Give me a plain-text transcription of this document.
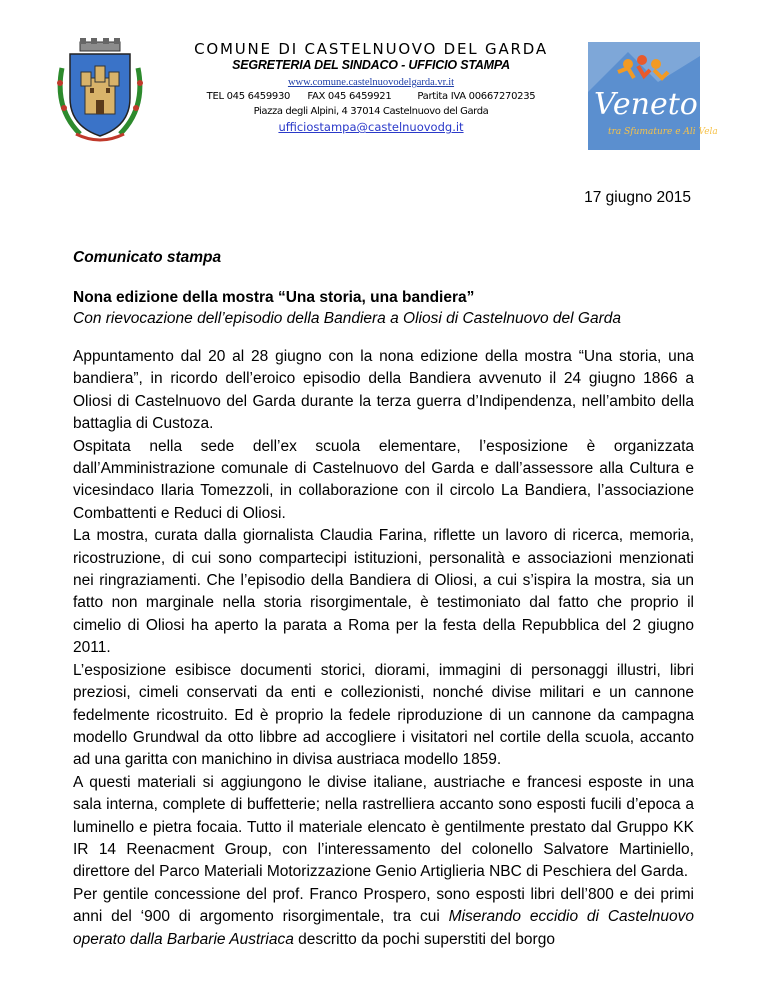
COMUNE DI CASTELNUOVO DEL GARDA
SEGRETERIA DEL SINDACO - UFFICIO STAMPA
www.comune.castelnuovodelgarda.vr.it
TEL 045 6459930 FAX 045 6459921	Partita IVA 00667270235
Piazza degli Alpini, 4 37014 Castelnuovo del Garda
ufficiostampa@castelnuovodg.it
Veneto
tra Sfumature e Ali Vela
17 giugno 2015
Comunicato stampa
Nona edizione della mostra “Una storia, una bandiera”
Con rievocazione dell’episodio della Bandiera a Oliosi di Castelnuovo del Garda

Appuntamento dal 20 al 28 giugno con la nona edizione della mostra “Una storia, una bandiera”, in ricordo dell’eroico episodio della Bandiera avvenuto il 24 giugno 1866 a Oliosi di Castelnuovo del Garda durante la terza guerra d’Indipendenza, nell’ambito della battaglia di Custoza.

Ospitata nella sede dell’ex scuola elementare, l’esposizione è organizzata dall’Amministrazione comunale di Castelnuovo del Garda e dall’assessore alla Cultura e vicesindaco Ilaria Tomezzoli, in collaborazione con il circolo La Bandiera, l’associazione Combattenti e Reduci di Oliosi.

La mostra, curata dalla giornalista Claudia Farina, riflette un lavoro di ricerca, memoria, ricostruzione, di cui sono compartecipi istituzioni, personalità e associazioni menzionati nei ringraziamenti. Che l’episodio della Bandiera di Oliosi, a cui s’ispira la mostra, sia un fatto non marginale nella storia risorgimentale, è testimoniato dal fatto che proprio il cimelio di Oliosi ha aperto la parata a Roma per la festa della Repubblica del 2 giugno 2011.

L’esposizione esibisce documenti storici, diorami, immagini di personaggi illustri, libri preziosi, cimeli conservati da enti e collezionisti, nonché divise militari e un cannone fedelmente ricostruito. Ed è proprio la fedele riproduzione di un cannone da campagna modello Grundwal da otto libbre ad accogliere i visitatori nel cortile della scuola, accanto ad una garitta con manichino in divisa austriaca modello 1859.

A questi materiali si aggiungono le divise italiane, austriache e francesi esposte in una sala interna, complete di buffetterie; nella rastrelliera accanto sono esposti fucili d’epoca a luminello e pietra focaia. Tutto il materiale elencato è gentilmente prestato dal Gruppo KK IR 14 Reenacment Group, con l’interessamento del colonello Salvatore Martiniello, direttore del Parco Materiali Motorizzazione Genio Artiglieria NBC di Peschiera del Garda.

Per gentile concessione del prof. Franco Prospero, sono esposti libri dell’800 e dei primi anni del ‘900 di argomento risorgimentale, tra cui Miserando eccidio di Castelnuovo operato dalla Barbarie Austriaca descritto da pochi superstiti del borgo
